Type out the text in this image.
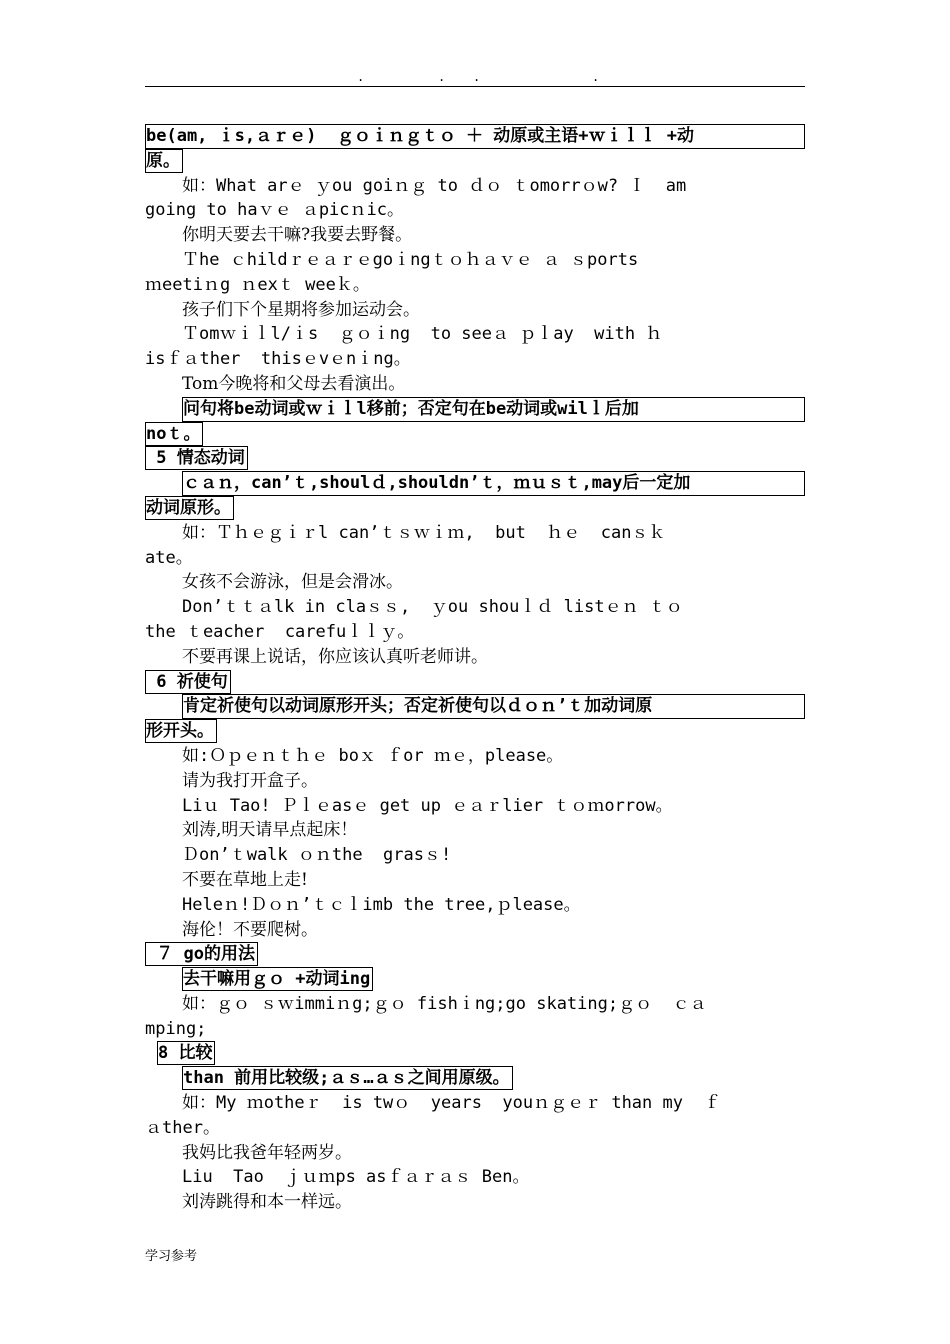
.	. .	.
be(am, ｉs,ａｒｅ)  ｇｏｉｎｇｔｏ ＋ 动原或主语+ｗｉｌｌ +动
原。
如：What arｅ ｙou goiｎｇ to ｄｏ ｔomorrｏw? Ｉ  am
going to haｖｅ ａpicｎic。
你明天要去干嘛?我要去野餐。
Ｔhe ｃhildｒｅａｒｅgoｉngｔｏｈａｖｅ ａ ｓports
ｍeetiｎg ｎexｔ weeｋ。
孩子们下个星期将参加运动会。
Ｔomｗｉｌl/ｉs  ｇｏｉng  to seeａ ｐｌay  with ｈ
isｆａther  thisｅvｅnｉng。
Tom今晚将和父母去看演出。
问句将be动词或ｗｉｌl移前；否定句在be动词或wilｌ后加
noｔ。
5 情态动词
ｃａｎ，can’ｔ,shoulｄ,shouldn’ｔ，ｍｕｓｔ,may后一定加
动词原形。
如：Ｔｈｅｇｉｒl canʼｔｓｗｉｍ,  but  ｈｅ  canｓｋ
ate。
女孩不会游泳，但是会滑冰。
Don’ｔｔａlk in claｓｓ,  ｙou shouｌｄ listｅｎ ｔｏ
the ｔeacher  carefuｌｌｙ。
不要再课上说话，你应该认真听老师讲。
6 祈使句
肯定祈使句以动词原形开头；否定祈使句以ｄｏｎ’ｔ加动词原
形开头。
如:Ｏｐｅｎｔｈｅ boｘ ｆor ｍｅ，please。
请为我打开盒子。
Liｕ Tao! Ｐｌｅasｅ get up ｅａｒlier ｔｏｍorrow。
刘涛,明天请早点起床！
Ｄon’ｔwalk ｏｎthe  grasｓ!
不要在草地上走!
Heleｎ!Ｄｏｎ’ｔｃｌimb the tree,ｐlease。
海伦！不要爬树。
７ go的用法
去干嘛用ｇｏ +动词ing
如：ｇｏ ｓｗimmiｎg;ｇｏ fishｉng;go skating;ｇｏ  ｃａ
mping;
8 比较
than 前用比较级;ａｓ…ａｓ之间用原级。
如：My ｍotheｒ  is twｏ  years  youｎｇｅｒ than my  ｆ
ａther。
我妈比我爸年轻两岁。
Liu  Tao  ｊｕｍps asｆａｒａｓ Ben。
刘涛跳得和本一样远。
学习参考
